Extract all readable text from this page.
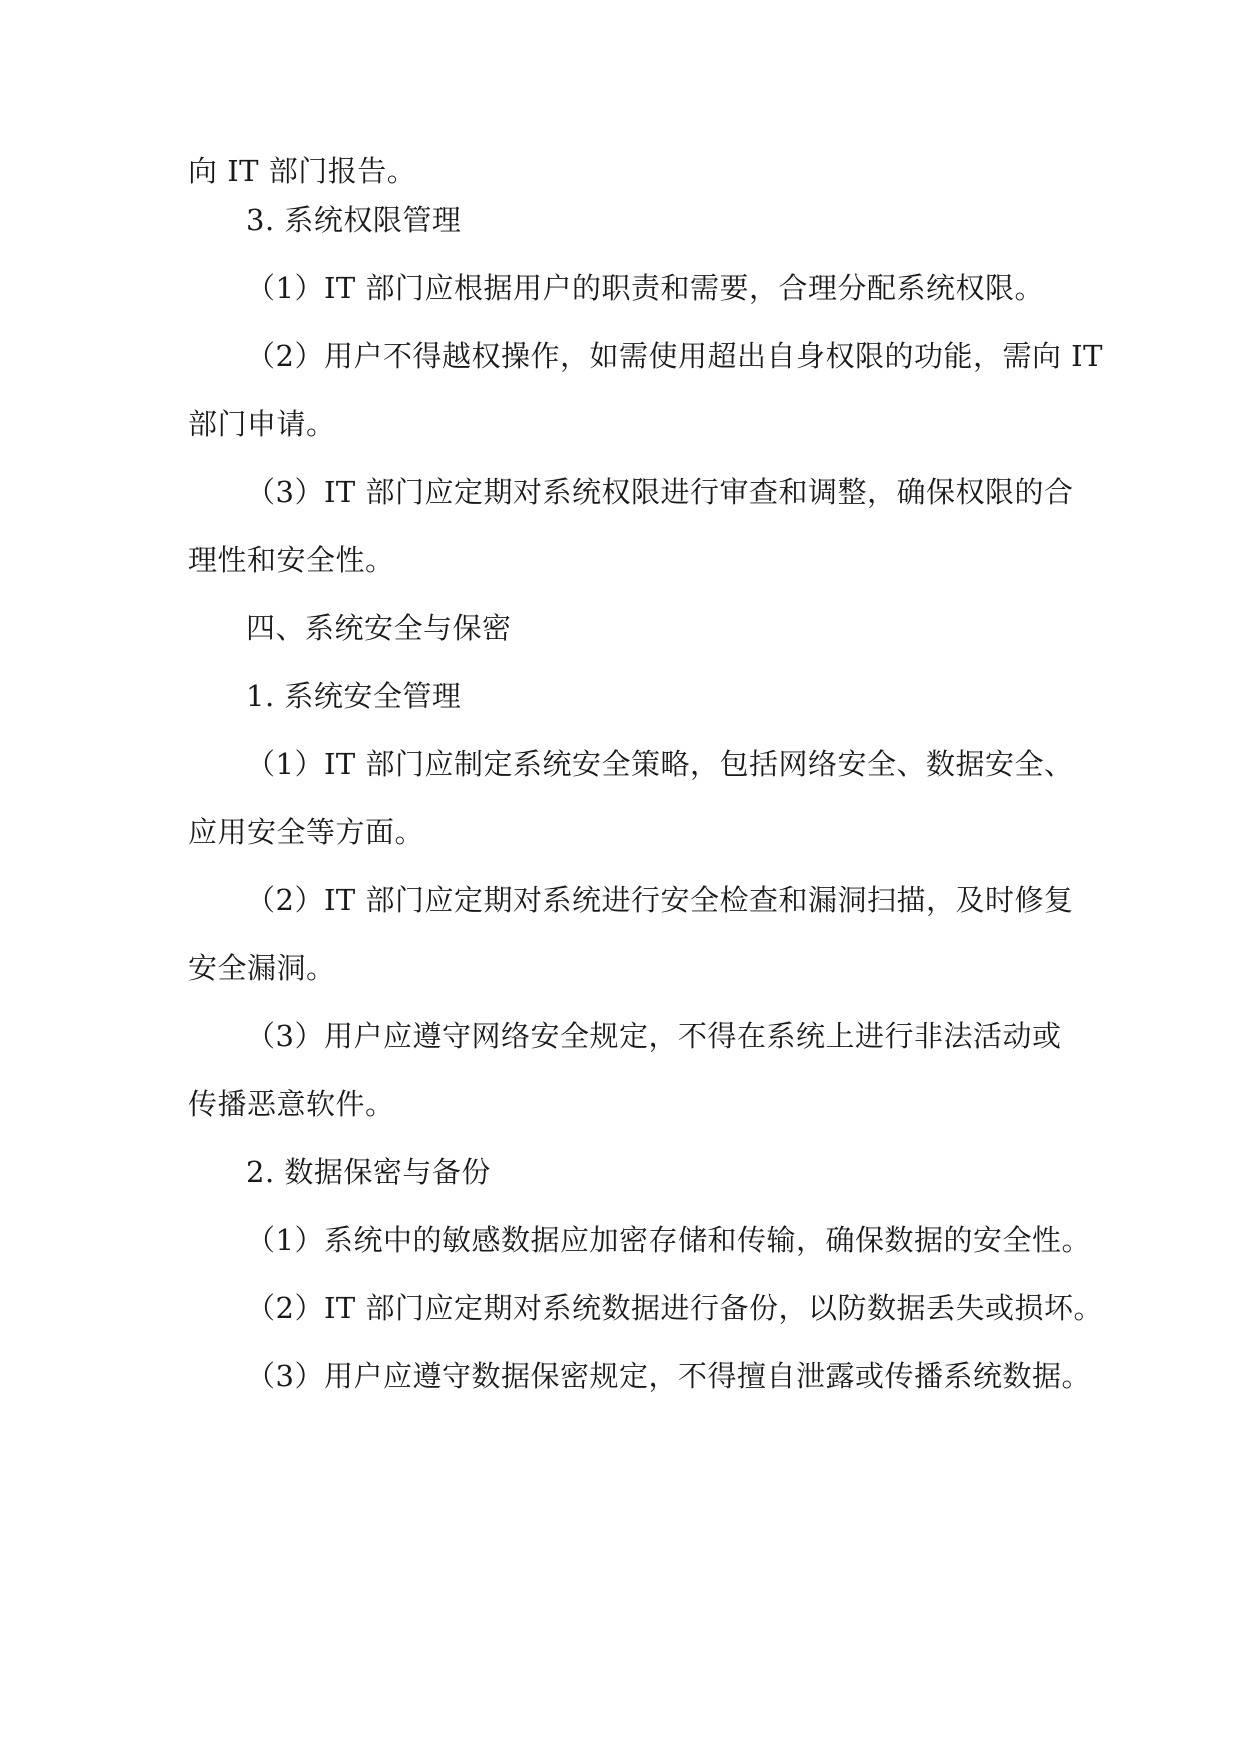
向 IT 部门报告。

3. 系统权限管理

（1）IT 部门应根据用户的职责和需要，合理分配系统权限。

（2）用户不得越权操作，如需使用超出自身权限的功能，需向 IT

部门申请。

（3）IT 部门应定期对系统权限进行审查和调整，确保权限的合

理性和安全性。

四、系统安全与保密

1. 系统安全管理

（1）IT 部门应制定系统安全策略，包括网络安全、数据安全、

应用安全等方面。

（2）IT 部门应定期对系统进行安全检查和漏洞扫描，及时修复

安全漏洞。

（3）用户应遵守网络安全规定，不得在系统上进行非法活动或

传播恶意软件。

2. 数据保密与备份

（1）系统中的敏感数据应加密存储和传输，确保数据的安全性。

（2）IT 部门应定期对系统数据进行备份，以防数据丢失或损坏。

（3）用户应遵守数据保密规定，不得擅自泄露或传播系统数据。
